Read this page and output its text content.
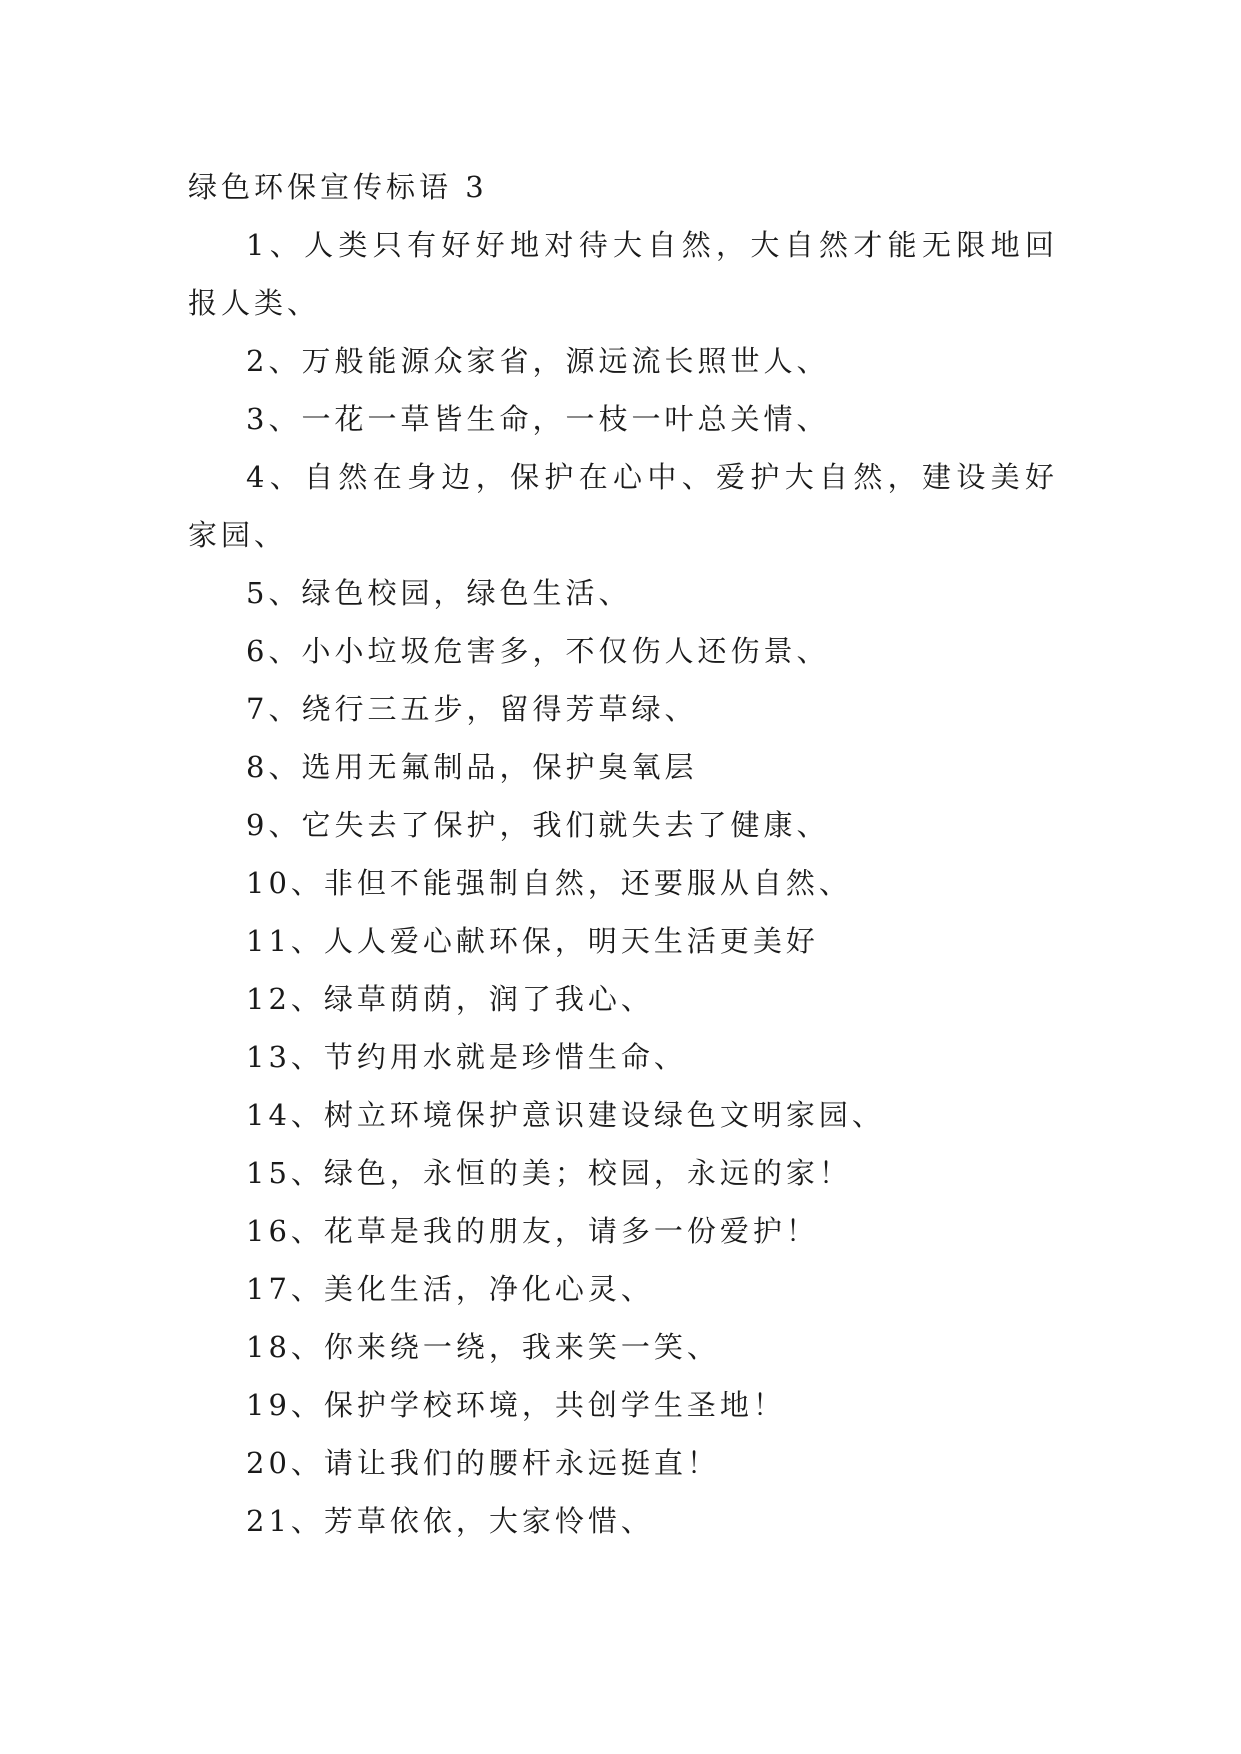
绿色环保宣传标语 3

1、人类只有好好地对待大自然，大自然才能无限地回报人类、

2、万般能源众家省，源远流长照世人、

3、一花一草皆生命，一枝一叶总关情、

4、自然在身边，保护在心中、爱护大自然，建设美好家园、

5、绿色校园，绿色生活、

6、小小垃圾危害多，不仅伤人还伤景、

7、绕行三五步，留得芳草绿、

8、选用无氟制品，保护臭氧层

9、它失去了保护，我们就失去了健康、

10、非但不能强制自然，还要服从自然、

11、人人爱心献环保，明天生活更美好

12、绿草荫荫，润了我心、

13、节约用水就是珍惜生命、

14、树立环境保护意识建设绿色文明家园、

15、绿色，永恒的美；校园，永远的家！

16、花草是我的朋友，请多一份爱护！

17、美化生活，净化心灵、

18、你来绕一绕，我来笑一笑、

19、保护学校环境，共创学生圣地！

20、请让我们的腰杆永远挺直！

21、芳草依依，大家怜惜、
